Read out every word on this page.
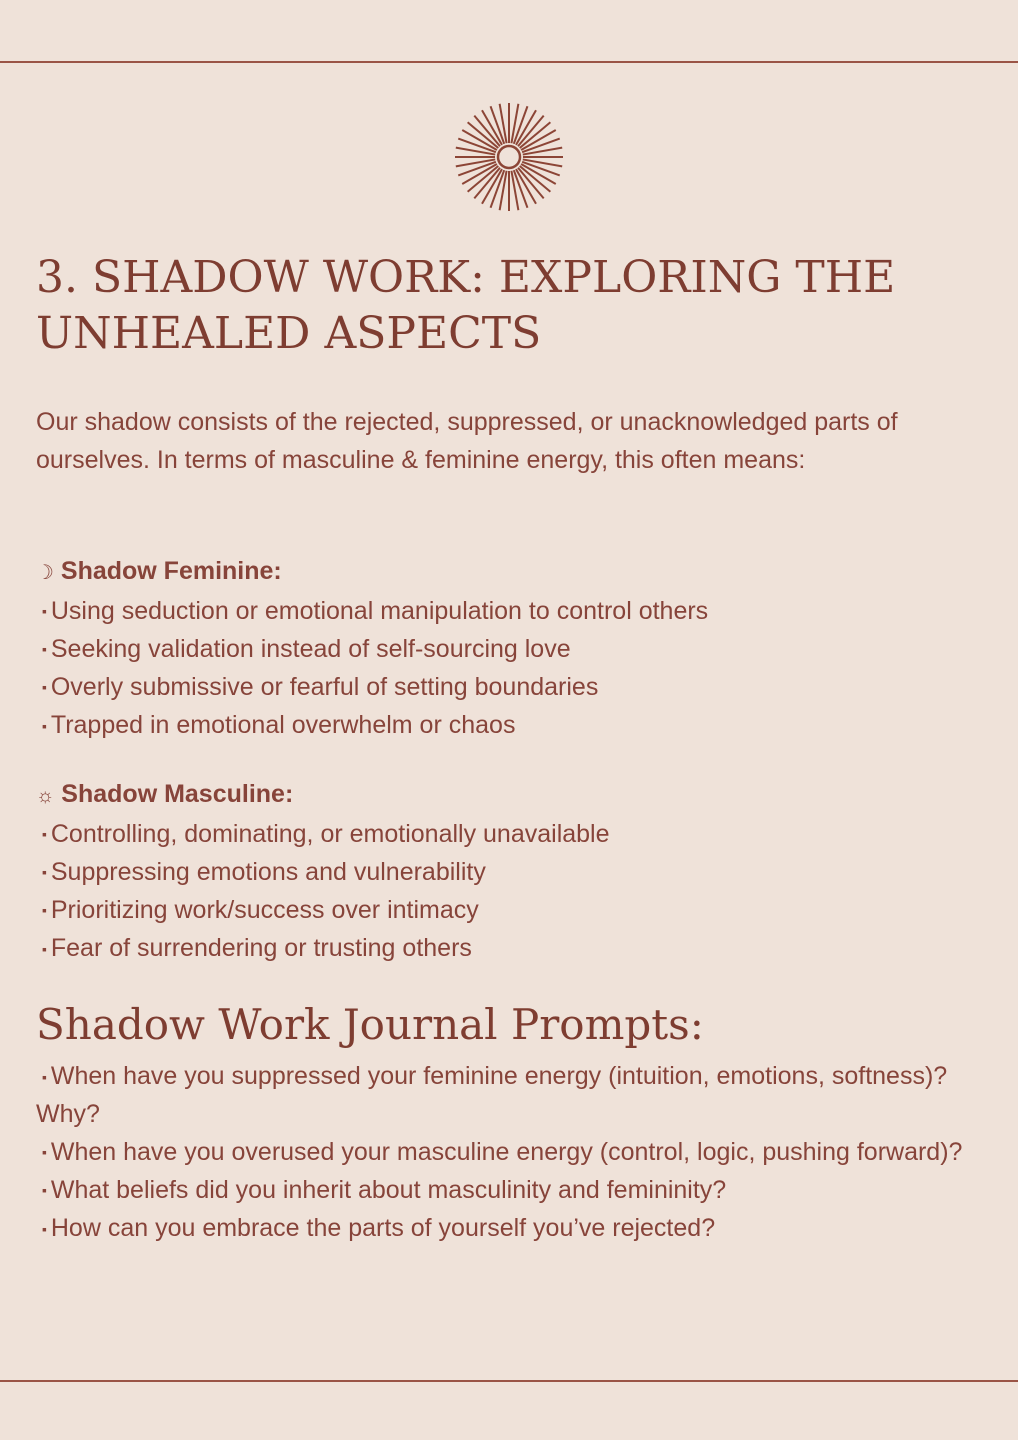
3. SHADOW WORK: EXPLORING THE UNHEALED ASPECTS

Our shadow consists of the rejected, suppressed, or unacknowledged parts of ourselves. In terms of masculine & feminine energy, this often means:

☽ Shadow Feminine:
▪ Using seduction or emotional manipulation to control others
▪ Seeking validation instead of self-sourcing love
▪ Overly submissive or fearful of setting boundaries
▪ Trapped in emotional overwhelm or chaos
☼ Shadow Masculine:
▪ Controlling, dominating, or emotionally unavailable
▪ Suppressing emotions and vulnerability
▪ Prioritizing work/success over intimacy
▪ Fear of surrendering or trusting others
Shadow Work Journal Prompts:
▪ When have you suppressed your feminine energy (intuition, emotions, softness)? Why?
▪ When have you overused your masculine energy (control, logic, pushing forward)?
▪ What beliefs did you inherit about masculinity and femininity?
▪ How can you embrace the parts of yourself you’ve rejected?
